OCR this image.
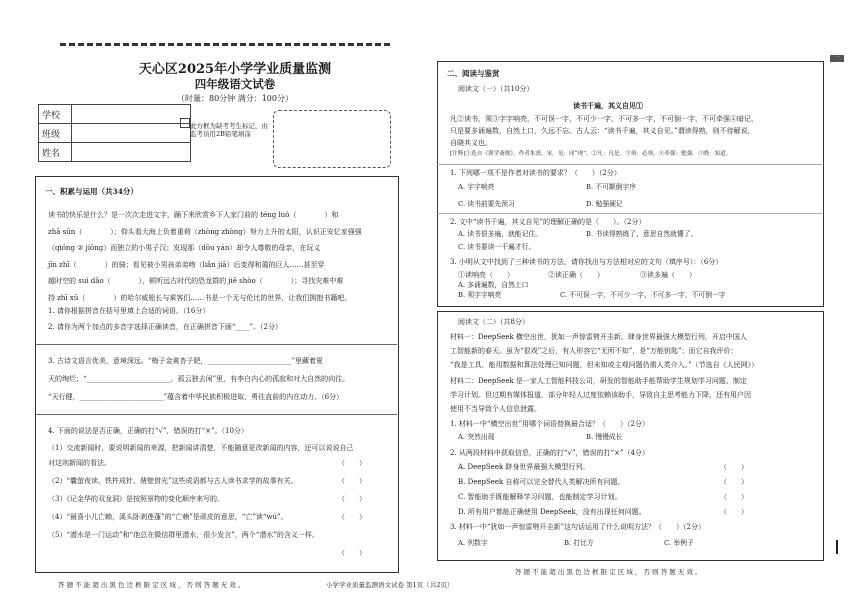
天心区2025年小学学业质量监测
四年级语文试卷
（时量：80分钟 满分：100分）
学校	
班级	
姓名	
此方框为缺考考生标记，由监考员用2B铅笔填涂
一、积累与运用（共34分）
读书的快乐是什么？是一次次走进文字，踊下来欣赏乡下人家门前的 téng luó（　　　　）和
zhā sūn（　　　　）；仰头看大海上负着重荷（zhòng zhòng）努力上升的太阳，认识正安忆家强强
（qióng ② jiōng）而独立的小男子汉；发现那（dōu yán）却令人尊敬的母亲，在玩义
jīn zhī（　　　　）的骑；看见被小男孩弟弟吻（liǎn jiā）后变得和蔼的巨人……甚至穿
越时空的 suì dǎo（　　　　），顿听远古时代的恐龙群的 jiē shòo（　　　　）；寻找灾难中难
持 zhī xū（　　　　）的哈尔威船长与乘客们……书是一个无与伦比的世界，让我们拥抱书籍吧。
1. 请你根据拼音在括号里填上合适的词语。（16分）
2. 请你为两个加点的多音字选择正确读音，在正确拼音下画“____”。（2分）
3. 古诗文语言优美，意境深远。“梅子金黄杏子肥，________________________”里藏着夏
天的绚烂；“________________________，孤云独去闲”里，有李白内心的孤寂和对大自然的向往。
“天行健，________________________”蕴含着中华民族积极进取、勇往直前的内在动力。（6分）
4. 下面的说法是否正确，正确的打“√”，错误的打“×”。（10分）
（1）交流新闻时，要说明新闻的来源，把新闻讲清楚，不能随意更改新闻的内容，还可以说说自己
对这则新闻的看法。	（　　）
（2）“囊萤夜读、铁杵成针、凿壁借光”这些成语都与古人读书求学的故事有关。	（　　）
（3）《记金华的双龙洞》是按照景物的变化顺序来写的。	（　　）
（4）“最喜小儿亡赖，溪头卧剥莲蓬”的“亡赖”是顽皮的意思，“亡”读“wú”。	（　　）
（5）“潜水是一门运动”和“他总在微信群里潜水，很少发言”，两个“潜水”的含义一样。
（　　）
一
二、阅读与鉴赏
阅读文（一）（共10分）
读书千遍，其义自见①
凡②读书，须③字字响亮，不可误一字，不可少一字，不可多一字，不可倒一字，不可牵强④暗记，
只是要多诵遍数，自然上口，久远不忘。古人云：“读书千遍，其义自见。”谓读得熟，则不待解说，
自晓其义也。
[注释]①选自《训学斋规》。作者朱熹，宋。见：同“现”。②凡：凡是。③须：必须。④牵强：勉强。⑤晓：知道。
1. 下列哪一项不是作者对读书的要求？（　　）（2分）
A. 字字响亮	B. 不可颠倒字序
C. 读书前要先预习	D. 勉强硬记
2. 文中“读书千遍，其义自见”的理解正确的是（　　）。（2分）
A. 读书很多遍，就能记住。	B. 书读得熟练了，意思自然就懂了。
C. 读书要读一千遍才行。
3. 小明从文中找到了三种读书的方法，请你找出与方法相对应的文句（填序号）：（6分）
①读响亮（　　）	②读正确（　　）	③读多遍（　　）
A. 多诵遍数，自然上口
B. 须字字响亮	C. 不可误一字，不可少一字，不可多一字，不可倒一字
阅读文（二）（共8分）
材料一：DeepSeek 横空出世，犹如一声惊雷劈开圭新。肆身世界最强大模型行列，开启中国人
工智能新的春天。虽为“很戏”之后，有人形容它“无所不知”，是“万能钥匙”；而它自我评价：
“我是工具，能用数据和算法处理已知问题，但未知或主观问题仍需人类介入。”（节选自《人民网》）
材料二：DeepSeek 是一家人工智能科技公司，研发的智能助手能帮助学生规划学习问题、制定
学习计划。但过期有媒体报道，部分年轻人过度依赖该助手，导致自主思考能力下降，还有用户因
使用不当导致个人信息泄露。
1. 材料一中“横空出世”用哪个词语替换最合适？（　　）（2分）
A. 突然出现	B. 慢慢成长
2. 从两段材料中获取信息，正确的打“√”，错误的打“×”（4分）
A. DeepSeek 跻身世界最强大模型行列。	（　　）
B. DeepSeek 自称可以完全替代人类解决所有问题。	（　　）
C. 智能助手既能解释学习问题，也能制定学习计划。	（　　）
D. 所有用户都能正确使用 DeepSeek，没有出现任何问题。	（　　）
3. 材料一中“犹如一声惊雷劈开圭新”这句话运用了什么说明方法？（　　）（2分）
A. 列数字	B. 打比方	C. 举例子
答 题 不 能 超 出 黑 色 边 框 限 定 区 域 ， 否 则 答 题 无 效 。	小学学业质量监测语文试卷 第1页（共2页）
答 题 不 能 超 出 黑 色 边 框 限 定 区 域 ， 否 则 答 题 无 效 。
